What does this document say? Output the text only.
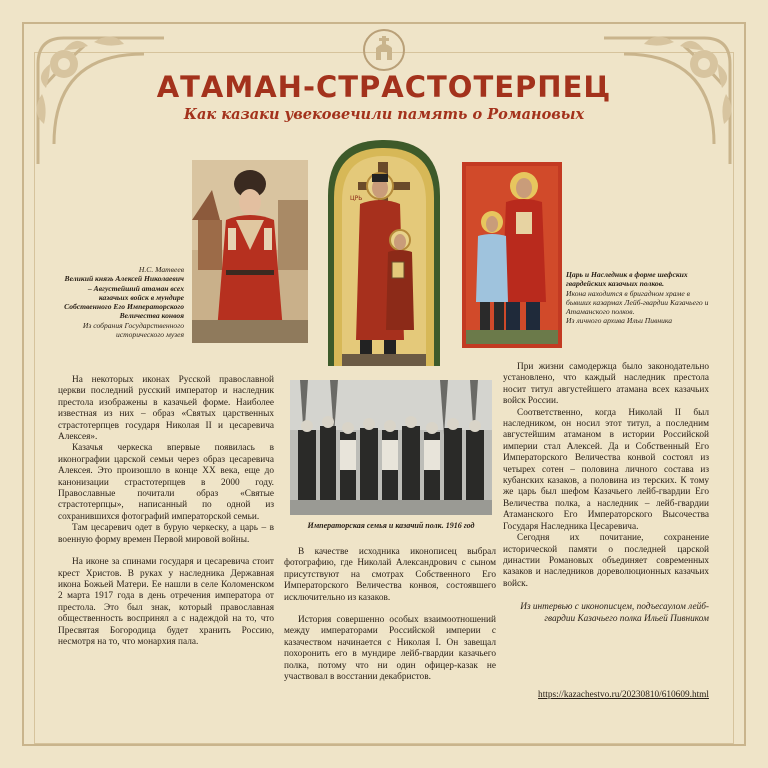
АТАМАН-СТРАСТОТЕРПЕЦ
Как казаки увековечили память о Романовых
ЦРЬ
Н.С. Матвеев
Великий князь Алексей Николаевич – Августейший атаман всех казачьих войск в мундире Собственного Его Императорского Величества конвоя
Из собрания Государственного исторического музея
Царь и Наследник в форме шефских гвардейских казачьих полков.
Икона находится в бригадном храме в бывших казармах Лейб-гвардии Казачьего и Атаманского полков.
Из личного архива Ильи Пивника
Императорская семья и казачий полк. 1916 год

На некоторых иконах Русской православной церкви последний русский император и наследник престола изображены в казачьей форме. Наиболее известная из них – образ «Святых царственных страстотерпцев государя Николая II и цесаревича Алексея».

Казачья черкеска впервые появилась в иконографии царской семьи через образ цесаревича Алексея. Это произошло в конце XX века, еще до канонизации страстотерпцев в 2000 году. Православные почитали образ «Святые страстотерпцы», написанный по одной из сохранившихся фотографий императорской семьи.

Там цесаревич одет в бурую черкеску, а царь – в военную форму времен Первой мировой войны.

На иконе за спинами государя и цесаревича стоит крест Христов. В руках у наследника Державная икона Божьей Матери. Ее нашли в селе Коломенском 2 марта 1917 года в день отречения императора от престола. Это был знак, который православная общественность воспринял а с надеждой на то, что Пресвятая Богородица будет хранить Россию, несмотря на то, что монархия пала.

В качестве исходника иконописец выбрал фотографию, где Николай Александрович с сыном присутствуют на смотрах Собственного Его Императорского Величества конвоя, состоявшего исключительно из казаков.

История совершенно особых взаимоотношений между императорами Российской империи с казачеством начинается с Николая I. Он завещал похоронить его в мундире лейб-гвардии казачьего полка, потому что ни один офицер-казак не участвовал в восстании декабристов.

При жизни самодержца было законодательно установлено, что каждый наследник престола носит титул августейшего атамана всех казачьих войск России.

Соответственно, когда Николай II был наследником, он носил этот титул, а последним августейшим атаманом в истории Российской империи стал Алексей. Да и Собственный Его Императорского Величества конвой состоял из четырех сотен – половина личного состава из кубанских казаков, а половина из терских. К тому же царь был шефом Казачьего лейб-гвардии Его Величества полка, а наследник – лейб-гвардии Атаманского Его Императорского Высочества Государя Наследника Цесаревича.

Сегодня их почитание, сохранение исторической памяти о последней царской династии Романовых объединяет современных казаков и наследников дореволюционных казачьих войск.

Из интервью с иконописцем, подъесаулом лейб-гвардии Казачьего полка Ильей Пивником

https://kazachestvo.ru/20230810/610609.html
